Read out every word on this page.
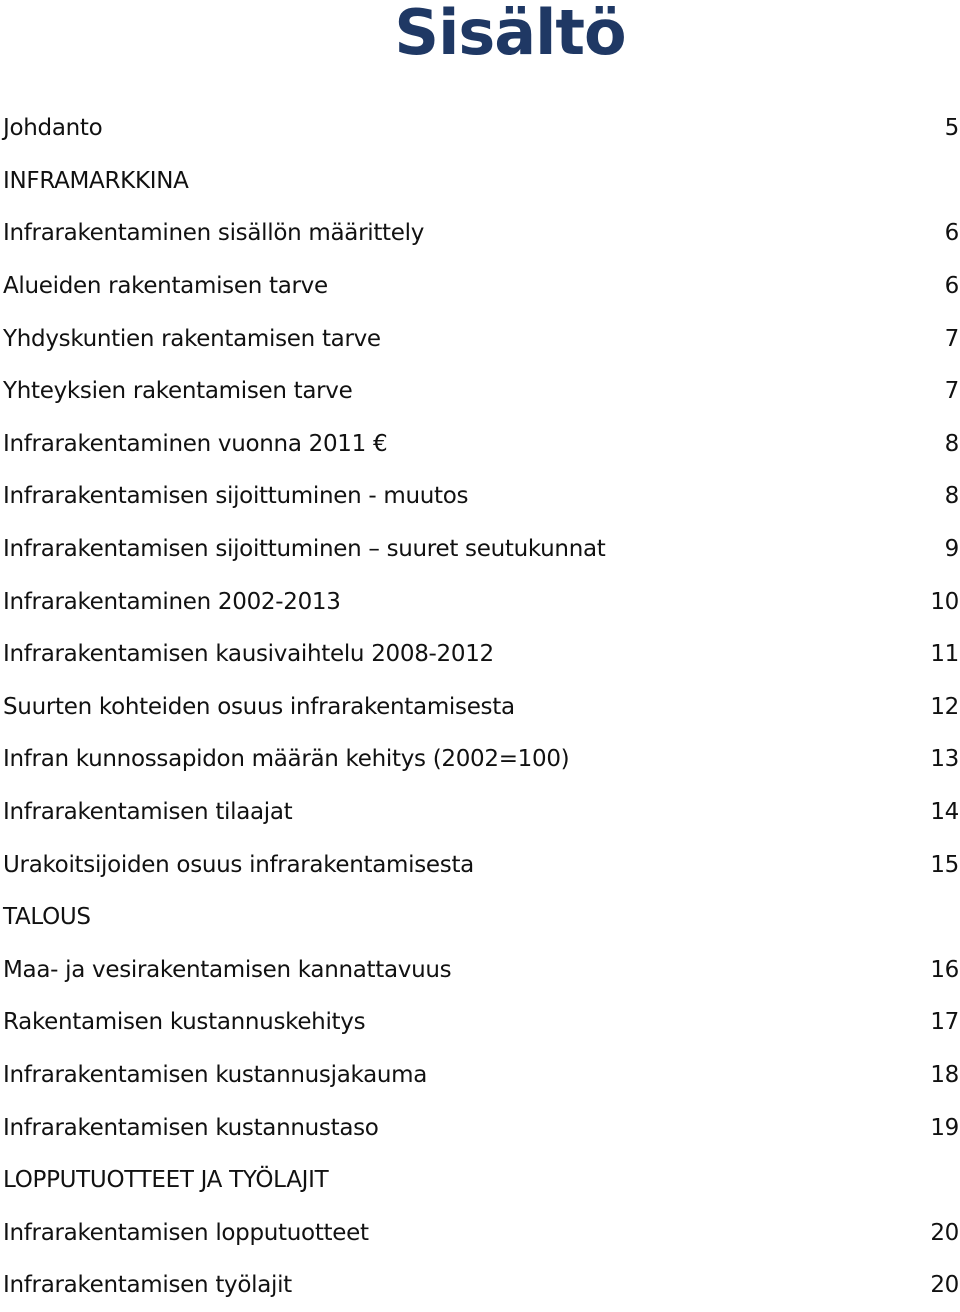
Sisältö
Johdanto	5
INFRAMARKKINA
Infrarakentaminen sisällön määrittely	6
Alueiden rakentamisen tarve	6
Yhdyskuntien rakentamisen tarve	7
Yhteyksien rakentamisen tarve	7
Infrarakentaminen vuonna 2011 €	8
Infrarakentamisen sijoittuminen - muutos	8
Infrarakentamisen sijoittuminen – suuret seutukunnat	9
Infrarakentaminen 2002-2013	10
Infrarakentamisen kausivaihtelu 2008-2012	11
Suurten kohteiden osuus infrarakentamisesta	12
Infran kunnossapidon määrän kehitys (2002=100)	13
Infrarakentamisen tilaajat	14
Urakoitsijoiden osuus infrarakentamisesta	15
TALOUS
Maa- ja vesirakentamisen kannattavuus	16
Rakentamisen kustannuskehitys	17
Infrarakentamisen kustannusjakauma	18
Infrarakentamisen kustannustaso	19
LOPPUTUOTTEET JA TYÖLAJIT
Infrarakentamisen lopputuotteet	20
Infrarakentamisen työlajit	20
